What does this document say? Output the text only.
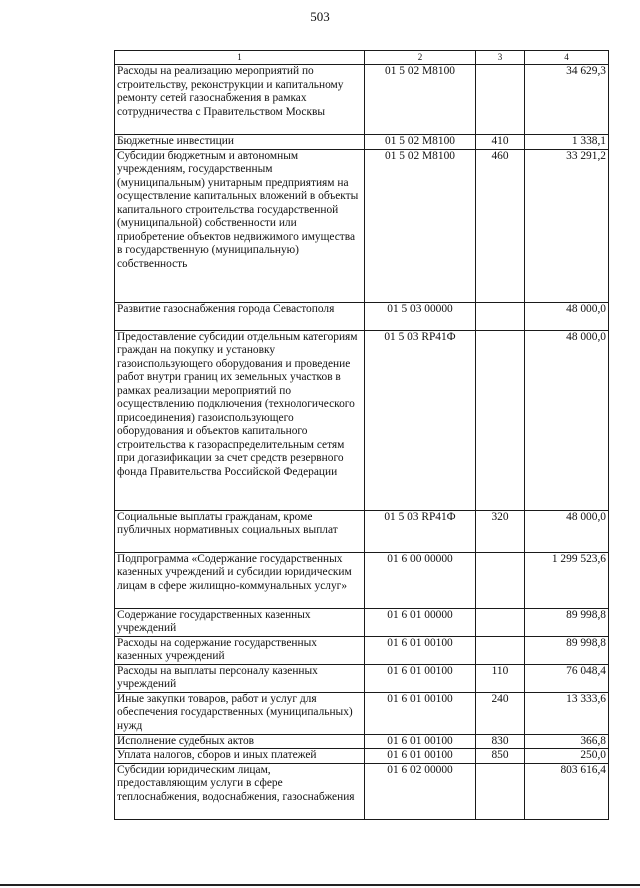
503
1	2	3	4
Расходы на реализацию мероприятий по строительству, реконструкции и капитальному ремонту сетей газоснабжения в рамках сотрудничества с Правительством Москвы	01 5 02 M8100		34 629,3
Бюджетные инвестиции	01 5 02 M8100	410	1 338,1
Субсидии бюджетным и автономным учреждениям, государственным (муниципальным) унитарным предприятиям на осуществление капитальных вложений в объекты капитального строительства государственной (муниципальной) собственности или приобретение объектов недвижимого имущества в государственную (муниципальную) собственность	01 5 02 M8100	460	33 291,2
Развитие газоснабжения города Севастополя	01 5 03 00000		48 000,0
Предоставление субсидии отдельным категориям граждан на покупку и установку газоиспользующего оборудования и проведение работ внутри границ их земельных участков в рамках реализации мероприятий по осуществлению подключения (технологического присоединения) газоиспользующего оборудования и объектов капитального строительства к газораспределительным сетям при догазификации за счет средств резервного фонда Правительства Российской Федерации	01 5 03 RP41Ф		48 000,0
Социальные выплаты гражданам, кроме публичных нормативных социальных выплат	01 5 03 RP41Ф	320	48 000,0
Подпрограмма «Содержание государственных казенных учреждений и субсидии юридическим лицам в сфере жилищно-коммунальных услуг»	01 6 00 00000		1 299 523,6
Содержание государственных казенных учреждений	01 6 01 00000		89 998,8
Расходы на содержание государственных казенных учреждений	01 6 01 00100		89 998,8
Расходы на выплаты персоналу казенных учреждений	01 6 01 00100	110	76 048,4
Иные закупки товаров, работ и услуг для обеспечения государственных (муниципальных) нужд	01 6 01 00100	240	13 333,6
Исполнение судебных актов	01 6 01 00100	830	366,8
Уплата налогов, сборов и иных платежей	01 6 01 00100	850	250,0
Субсидии юридическим лицам, предоставляющим услуги в сфере теплоснабжения, водоснабжения, газоснабжения	01 6 02 00000		803 616,4
